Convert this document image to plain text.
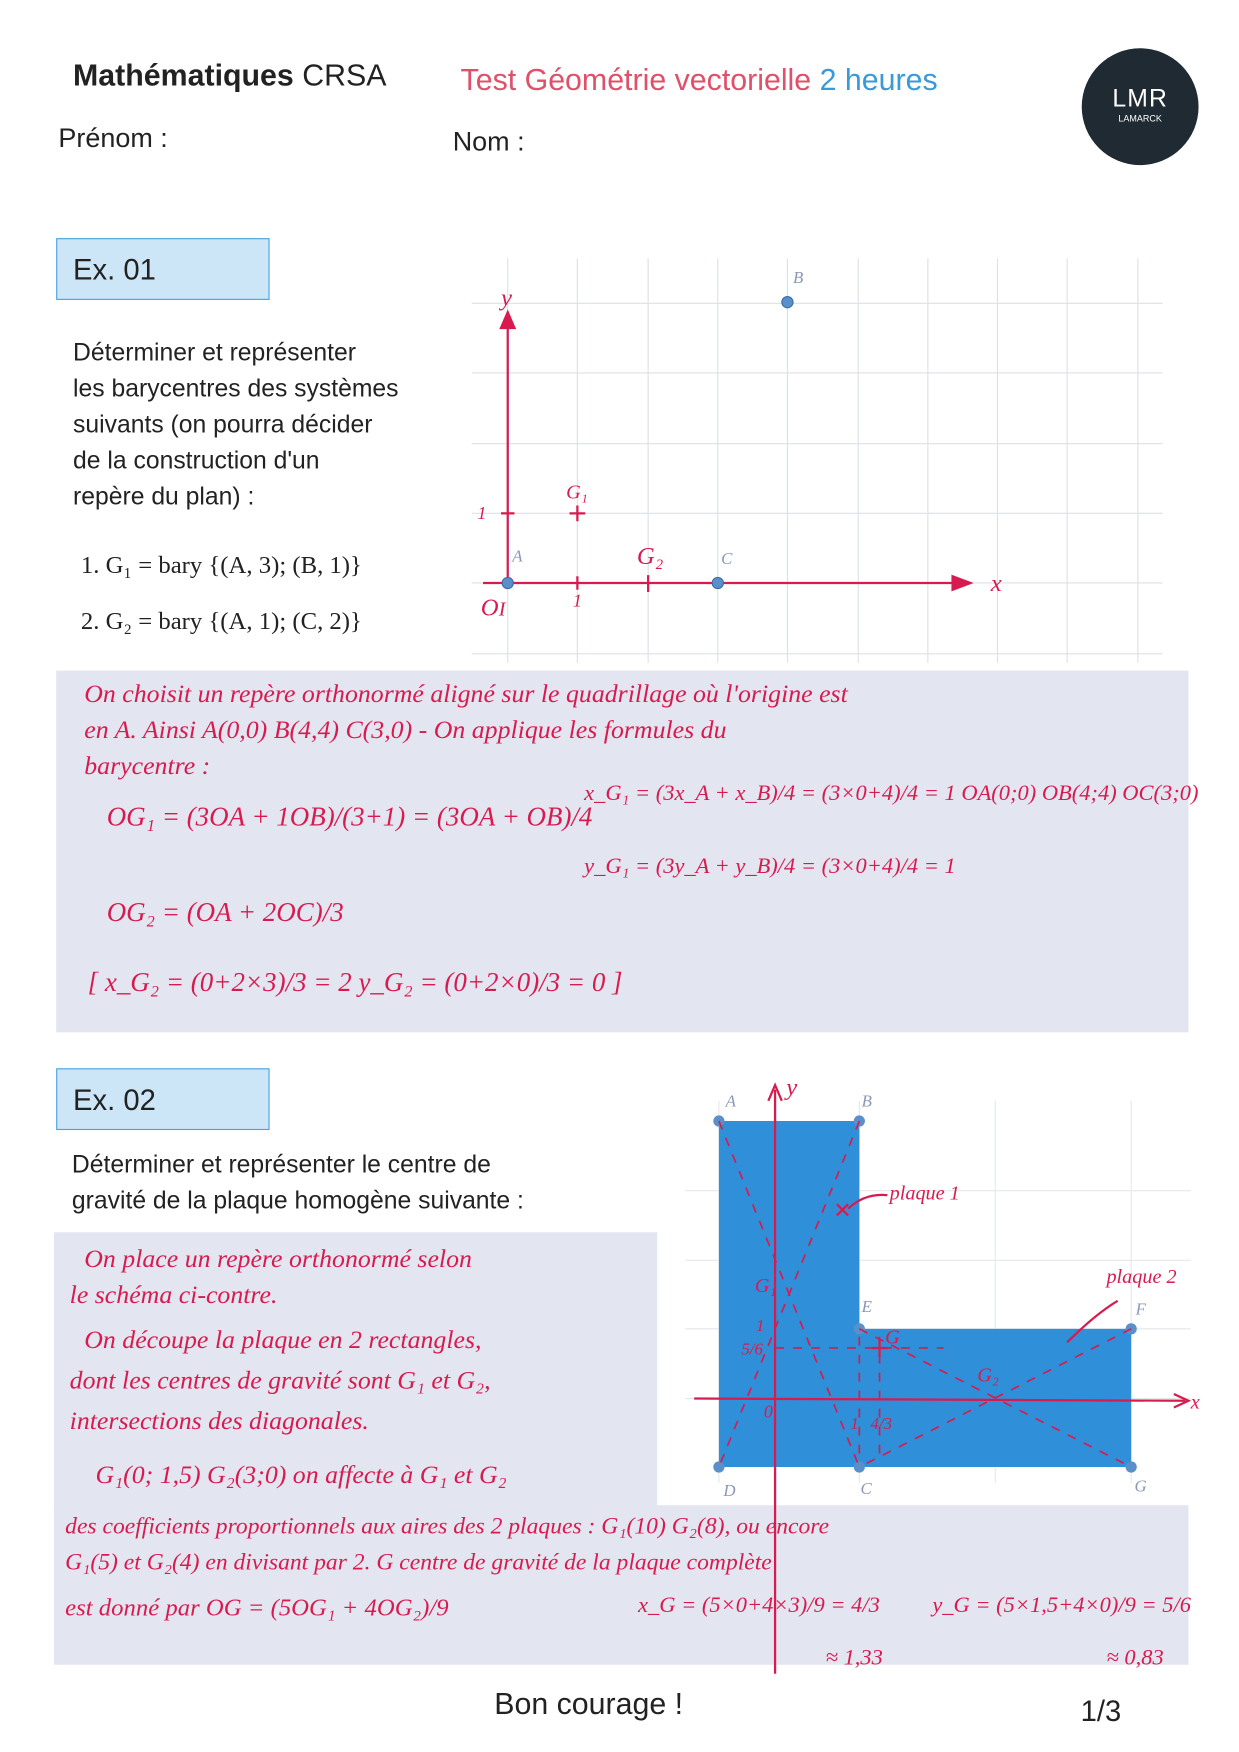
Mathématiques CRSA	Test Géométrie vectorielle 2 heures
Prénom :	Nom :
LMR
LAMARCK
Ex. 01
Déterminer et représenter
les barycentres des systèmes
suivants (on pourra décider
de la construction d'un
repère du plan) :
1. G₁ = bary {(A, 3); (B, 1)}
2. G₂ = bary {(A, 1); (C, 2)}
A
B
C
y
x
1
1
O I
G₁
G₂
On choisit un repère orthonormé aligné sur le quadrillage où l'origine est
en A. Ainsi A(0,0) B(4,4) C(3,0) - On applique les formules du
barycentre :
OG₁ = (3OA + 1OB)/(3+1) = (3OA + OB)/4
x_G₁ = (3x_A + x_B)/4 = (3×0+4)/4 = 1 OA(0;0) OB(4;4) OC(3;0)
y_G₁ = (3y_A + y_B)/4 = (3×0+4)/4 = 1
OG₂ = (OA + 2OC)/3
[ x_G₂ = (0+2×3)/3 = 2 y_G₂ = (0+2×0)/3 = 0 ]
Ex. 02
Déterminer et représenter le centre de
gravité de la plaque homogène suivante :
A	B
C
D
E	F
G
y
x
plaque 1
plaque 2
G₁
G₂
G
1
5/6
0
1 4/3
On place un repère orthonormé selon
le schéma ci-contre.
On découpe la plaque en 2 rectangles,
dont les centres de gravité sont G₁ et G₂,
intersections des diagonales.
G₁(0; 1,5) G₂(3;0) on affecte à G₁ et G₂
des coefficients proportionnels aux aires des 2 plaques : G₁(10) G₂(8), ou encore
G₁(5) et G₂(4) en divisant par 2. G centre de gravité de la plaque complète
est donné par OG = (5OG₁ + 4OG₂)/9	x_G = (5×0+4×3)/9 = 4/3	y_G = (5×1,5+4×0)/9 = 5/6
≈ 1,33	≈ 0,83
Bon courage !	1/3
